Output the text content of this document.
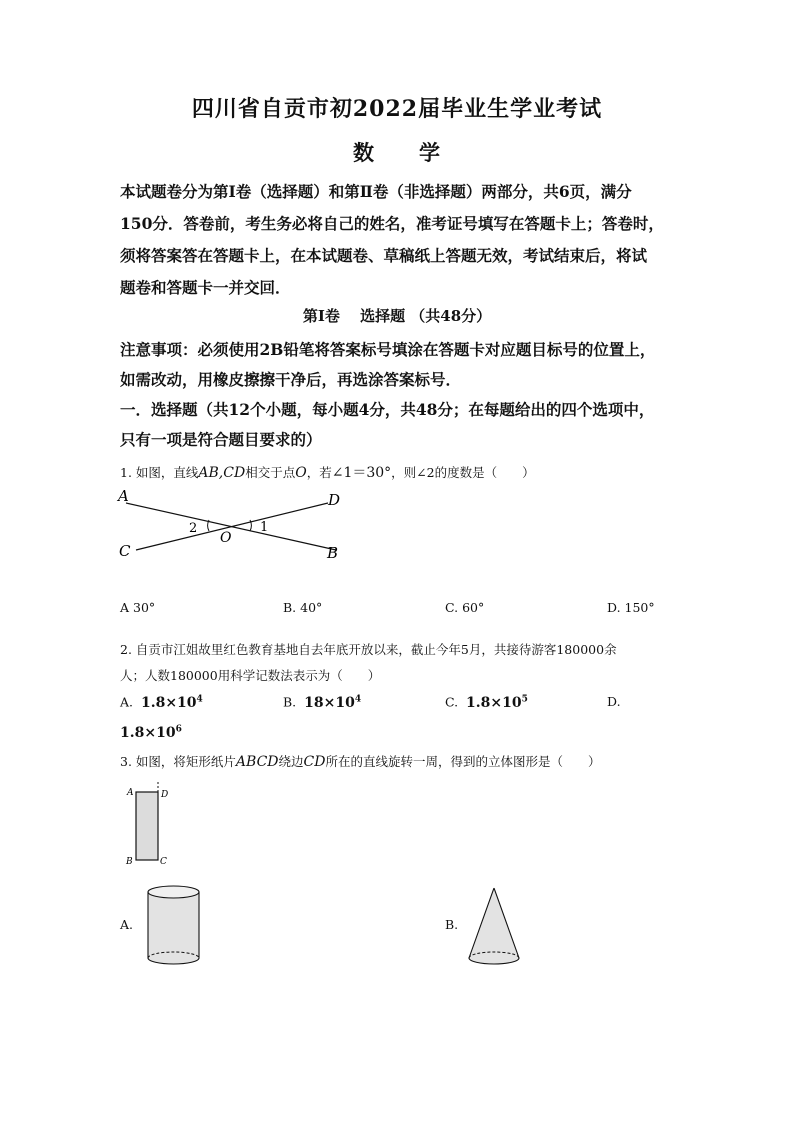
四川省自贡市初2022届毕业生学业考试
数 学
本试题卷分为第Ⅰ卷（选择题）和第Ⅱ卷（非选择题）两部分，共6页，满分
150分．答卷前，考生务必将自己的姓名，准考证号填写在答题卡上；答卷时，
须将答案答在答题卡上，在本试题卷、草稿纸上答题无效，考试结束后，将试
题卷和答题卡一并交回．
第Ⅰ卷　 选择题 （共48分）
注意事项：必须使用2B铅笔将答案标号填涂在答题卡对应题目标号的位置上，
如需改动，用橡皮擦擦干净后，再选涂答案标号．
一．选择题（共12个小题，每小题4分，共48分；在每题给出的四个选项中，
只有一项是符合题目要求的）
1. 如图，直线AB,CD相交于点O，若∠1＝30°，则∠2的度数是（　　）
A	D
C	B
O
2	1
A 30°	B. 40°	C. 60°	D. 150°
2. 自贡市江姐故里红色教育基地自去年底开放以来，截止今年5月，共接待游客180000余
人；人数180000用科学记数法表示为（　　）
A. $1.8\times 10^4$	B. $18\times 10^4$	C. $1.8\times 10^5$	D.
$1.8\times 10^6$
3. 如图，将矩形纸片ABCD绕边CD所在的直线旋转一周，得到的立体图形是（　　）
A	D
B	C
A.	B.
